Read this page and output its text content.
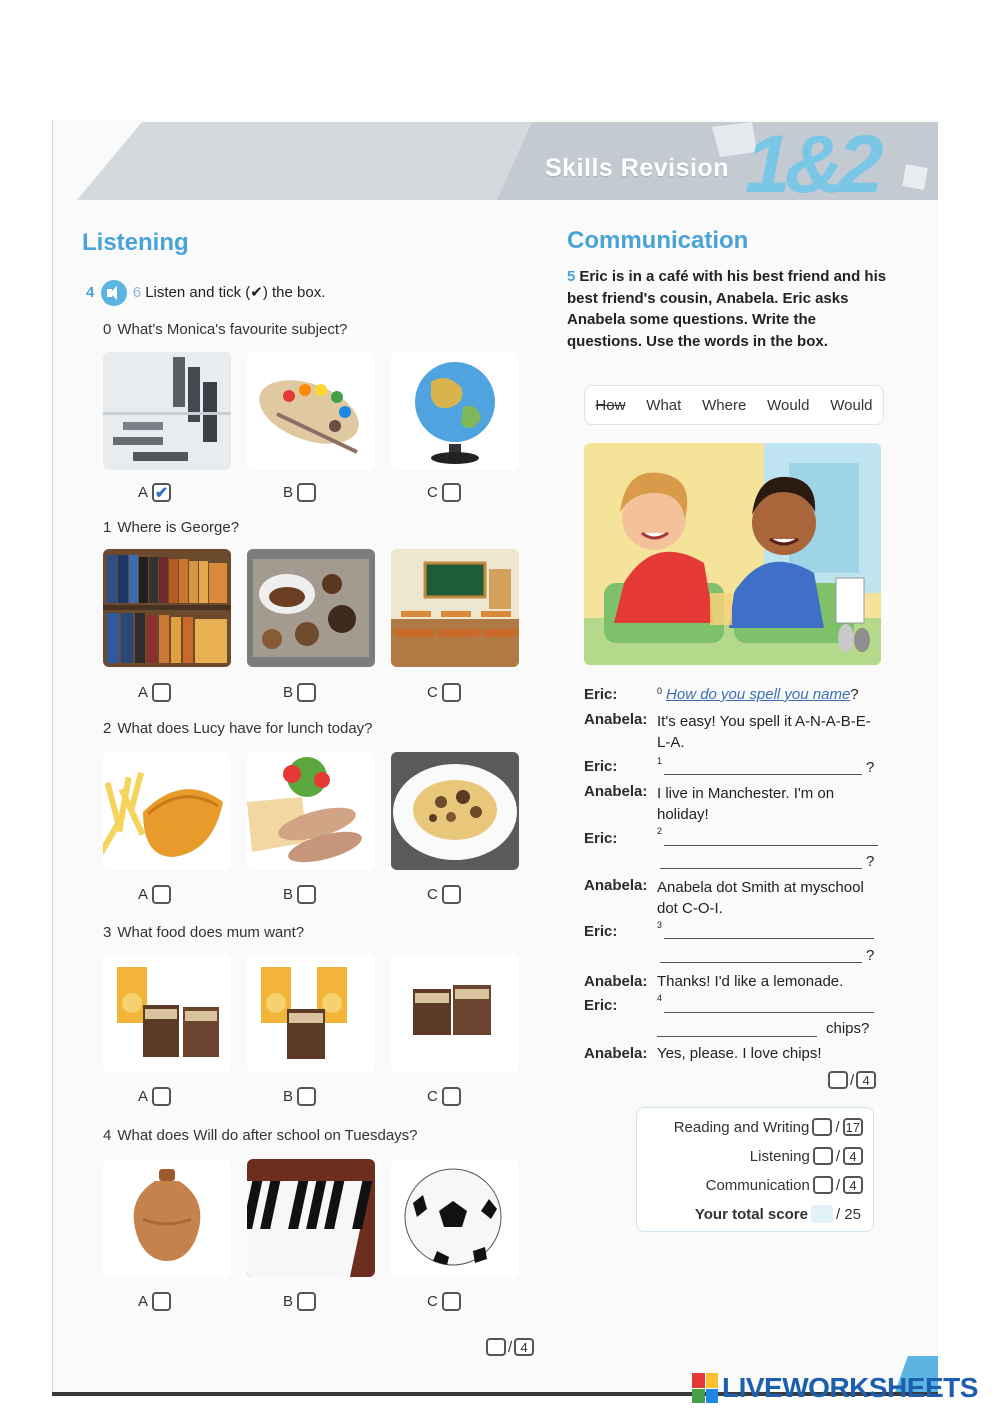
Skills Revision 1&2
Listening
4	6 Listen and tick (✔) the box.
0 What's Monica's favourite subject?
A ✔	B	C
1 Where is George?
A	B	C
2 What does Lucy have for lunch today?
A	B	C
3 What food does mum want?
A	B	C
4 What does Will do after school on Tuesdays?
A	B	C
/ 4
Communication
5 Eric is in a café with his best friend and his best friend's cousin, Anabela. Eric asks Anabela some questions. Write the questions. Use the words in the box.
How What Where Would Would
Eric:	$^0$ How do you spell you name?
Anabela: It's easy! You spell it A-N-A-B-E-L-A.
Eric:	$^1$	?
Anabela: I live in Manchester. I'm on holiday!
Eric:	$^2$
?
Anabela: Anabela dot Smith at myschool dot C-O-I.
Eric:	$^3$
?
Anabela: Thanks! I'd like a lemonade.
Eric:	$^4$
chips?
Anabela: Yes, please. I love chips!
/ 4
Reading and Writing / 17
Listening / 4
Communication / 4
Your total score / 25
LIVEWORKSHEETS
